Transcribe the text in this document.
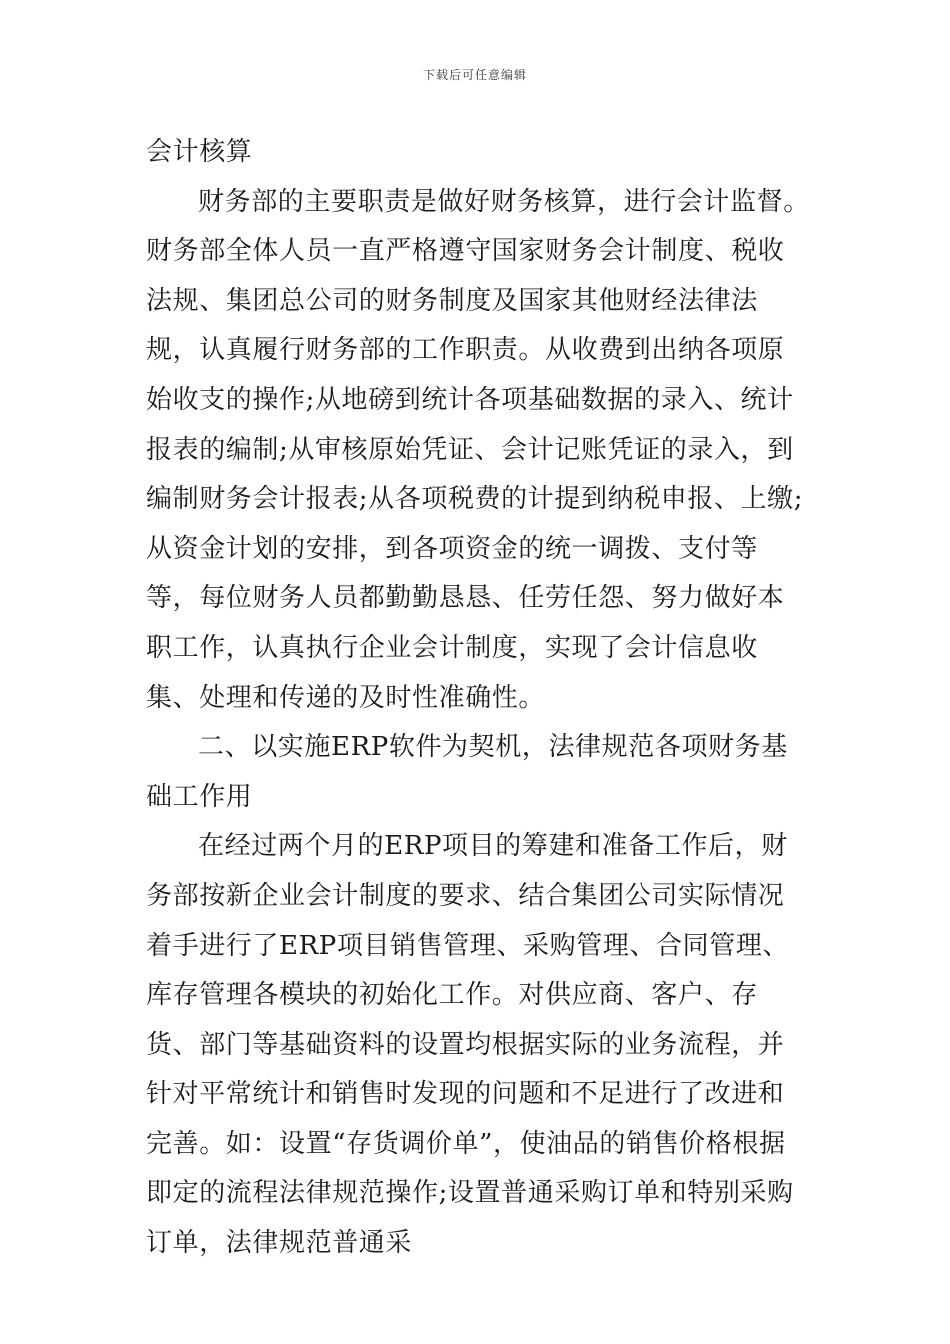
下载后可任意编辑

会计核算

财务部的主要职责是做好财务核算，进行会计监督。财务部全体人员一直严格遵守国家财务会计制度、税收法规、集团总公司的财务制度及国家其他财经法律法规，认真履行财务部的工作职责。从收费到出纳各项原始收支的操作;从地磅到统计各项基础数据的录入、统计报表的编制;从审核原始凭证、会计记账凭证的录入，到编制财务会计报表;从各项税费的计提到纳税申报、上缴;从资金计划的安排，到各项资金的统一调拨、支付等等，每位财务人员都勤勤恳恳、任劳任怨、努力做好本职工作，认真执行企业会计制度，实现了会计信息收集、处理和传递的及时性准确性。

二、以实施ERP软件为契机，法律规范各项财务基础工作用

在经过两个月的ERP项目的筹建和准备工作后，财务部按新企业会计制度的要求、结合集团公司实际情况着手进行了ERP项目销售管理、采购管理、合同管理、库存管理各模块的初始化工作。对供应商、客户、存货、部门等基础资料的设置均根据实际的业务流程，并针对平常统计和销售时发现的问题和不足进行了改进和完善。如：设置“存货调价单”，使油品的销售价格根据即定的流程法律规范操作;设置普通采购订单和特别采购订单，法律规范普通采
